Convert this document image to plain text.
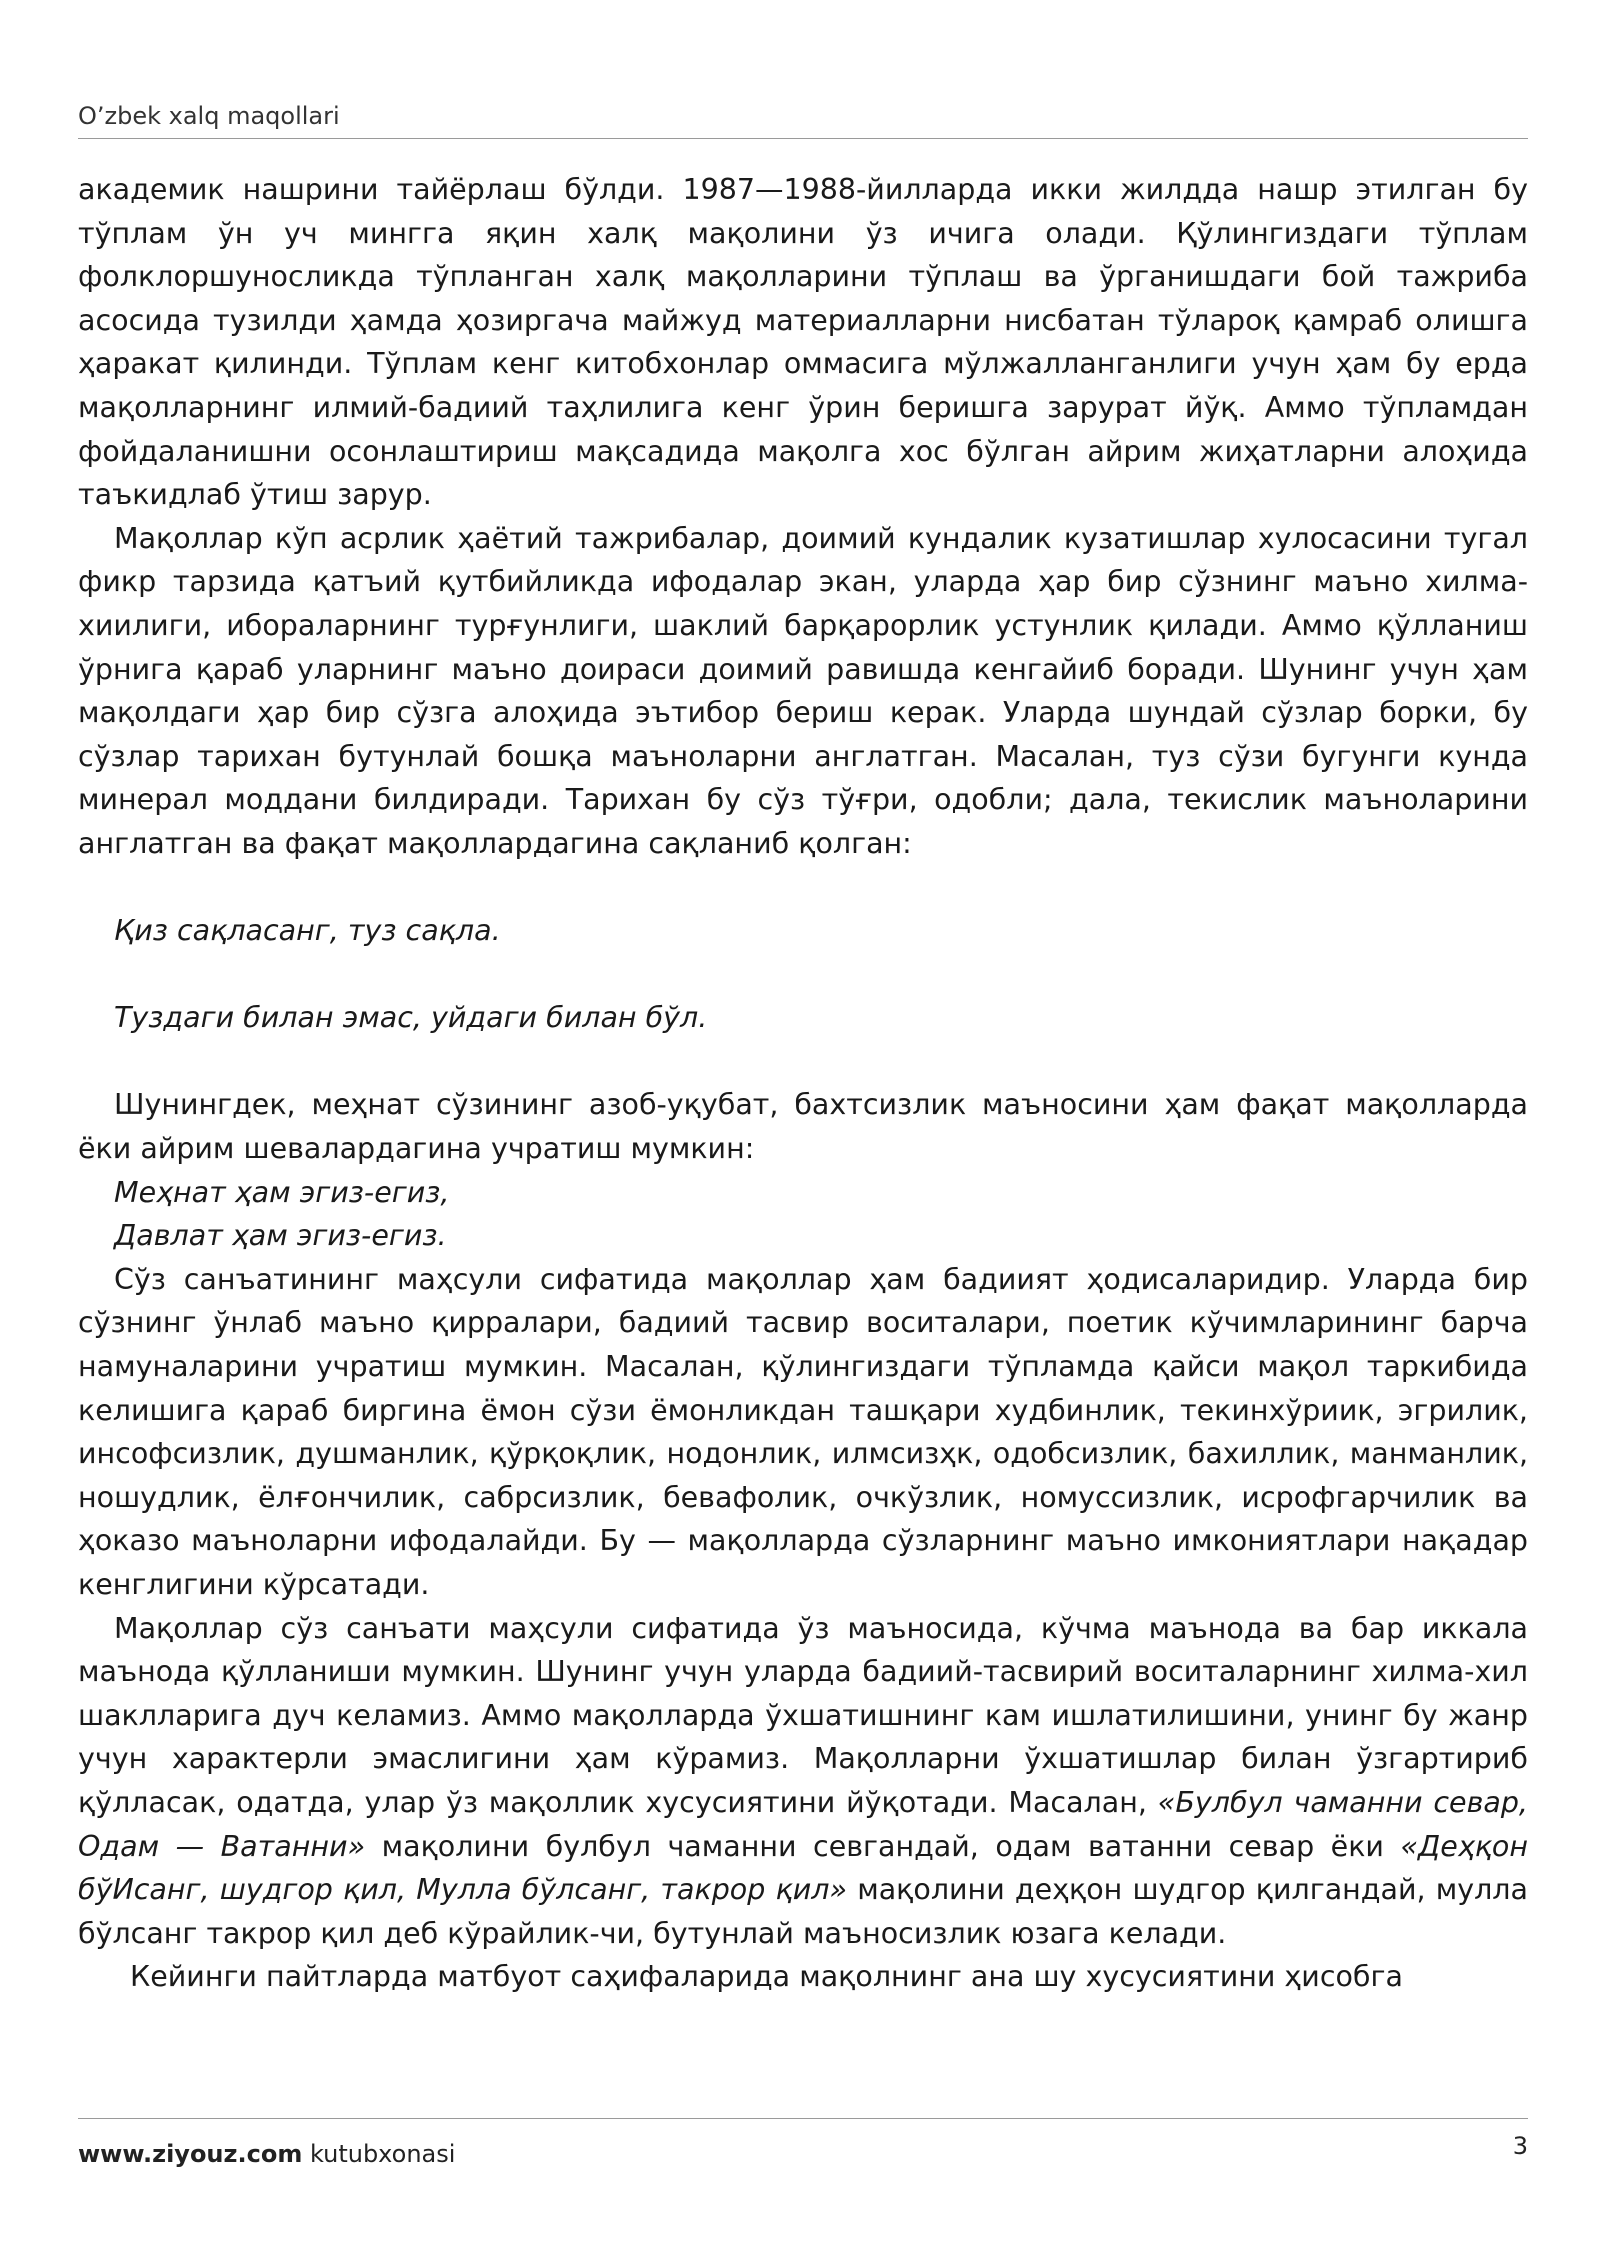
O’zbek xalq maqollari

академик нашрини тайёрлаш бўлди. 1987—1988-йилларда икки жилдда нашр этилган бу тўплам ўн уч мингга яқин халқ мақолини ўз ичига олади. Қўлингиздаги тўплам фолклоршуносликда тўпланган халқ мақолларини тўплаш ва ўрганишдаги бой тажриба асосида тузилди ҳамда ҳозиргача майжуд материалларни нисбатан тўлароқ қамраб олишга ҳаракат қилинди. Тўплам кенг китобхонлар оммасига мўлжалланганлиги учун ҳам бу ерда мақолларнинг илмий-бадиий таҳлилига кенг ўрин беришга зарурат йўқ. Аммо тўпламдан фойдаланишни осонлаштириш мақсадида мақолга хос бўлган айрим жиҳатларни алоҳида таъкидлаб ўтиш зарур.

Мақоллар кўп асрлик ҳаётий тажрибалар, доимий кундалик кузатишлар хулосасини тугал фикр тарзида қатъий қутбийликда ифодалар экан, уларда ҳар бир сўзнинг маъно хилма-хиилиги, ибораларнинг турғунлиги, шаклий барқарорлик устунлик қилади. Аммо қўлланиш ўрнига қараб уларнинг маъно доираси доимий равишда кенгайиб боради. Шунинг учун ҳам мақолдаги ҳар бир сўзга алоҳида эътибор бериш керак. Уларда шундай сўзлар борки, бу сўзлар тарихан бутунлай бошқа маъноларни англатган. Масалан, туз сўзи бугунги кунда минерал моддани билдиради. Тарихан бу сўз тўғри, одобли; дала, текислик маъноларини англатган ва фақат мақоллардагина сақланиб қолган:

Қиз сақласанг, туз сақла.

Туздаги билан эмас, уйдаги билан бўл.

Шунингдек, меҳнат сўзининг азоб-уқубат, бахтсизлик маъносини ҳам фақат мақолларда ёки айрим шевалардагина учратиш мумкин:

Меҳнат ҳам эгиз-егиз,

Давлат ҳам эгиз-егиз.

Сўз санъатининг маҳсули сифатида мақоллар ҳам бадиият ҳодисаларидир. Уларда бир сўзнинг ўнлаб маъно қирралари, бадиий тасвир воситалари, поетик кўчимларининг барча намуналарини учратиш мумкин. Масалан, қўлингиздаги тўпламда қайси мақол таркибида келишига қараб биргина ёмон сўзи ёмонликдан ташқари худбинлик, текинхўриик, эгрилик, инсофсизлик, душманлик, қўрқоқлик, нодонлик, илмсизҳк, одобсизлик, бахиллик, манманлик, ношудлик, ёлғончилик, сабрсизлик, бевафолик, очкўзлик, номуссизлик, исрофгарчилик ва ҳоказо маъноларни ифодалайди. Бу — мақолларда сўзларнинг маъно имкониятлари нақадар кенглигини кўрсатади.

Мақоллар сўз санъати маҳсули сифатида ўз маъносида, кўчма маънода ва бар иккала маънода қўлланиши мумкин. Шунинг учун уларда бадиий-тасвирий воситаларнинг хилма-хил шаклларига дуч келамиз. Аммо мақолларда ўхшатишнинг кам ишлатилишини, унинг бу жанр учун характерли эмаслигини ҳам кўрамиз. Мақолларни ўхшатишлар билан ўзгартириб қўлласак, одатда, улар ўз мақоллик хусусиятини йўқотади. Масалан, «Булбул чаманни севар, Одам — Ватанни» мақолини булбул чаманни севгандай, одам ватанни севар ёки «Деҳқон бўИсанг, шудгор қил, Мулла бўлсанг, такрор қил» мақолини деҳқон шудгор қилгандай, мулла бўлсанг такрор қил деб кўрайлик-чи, бутунлай маъносизлик юзага келади.

Кейинги пайтларда матбуот саҳифаларида мақолнинг ана шу хусусиятини ҳисобга

www.ziyouz.com kutubxonasi	3
